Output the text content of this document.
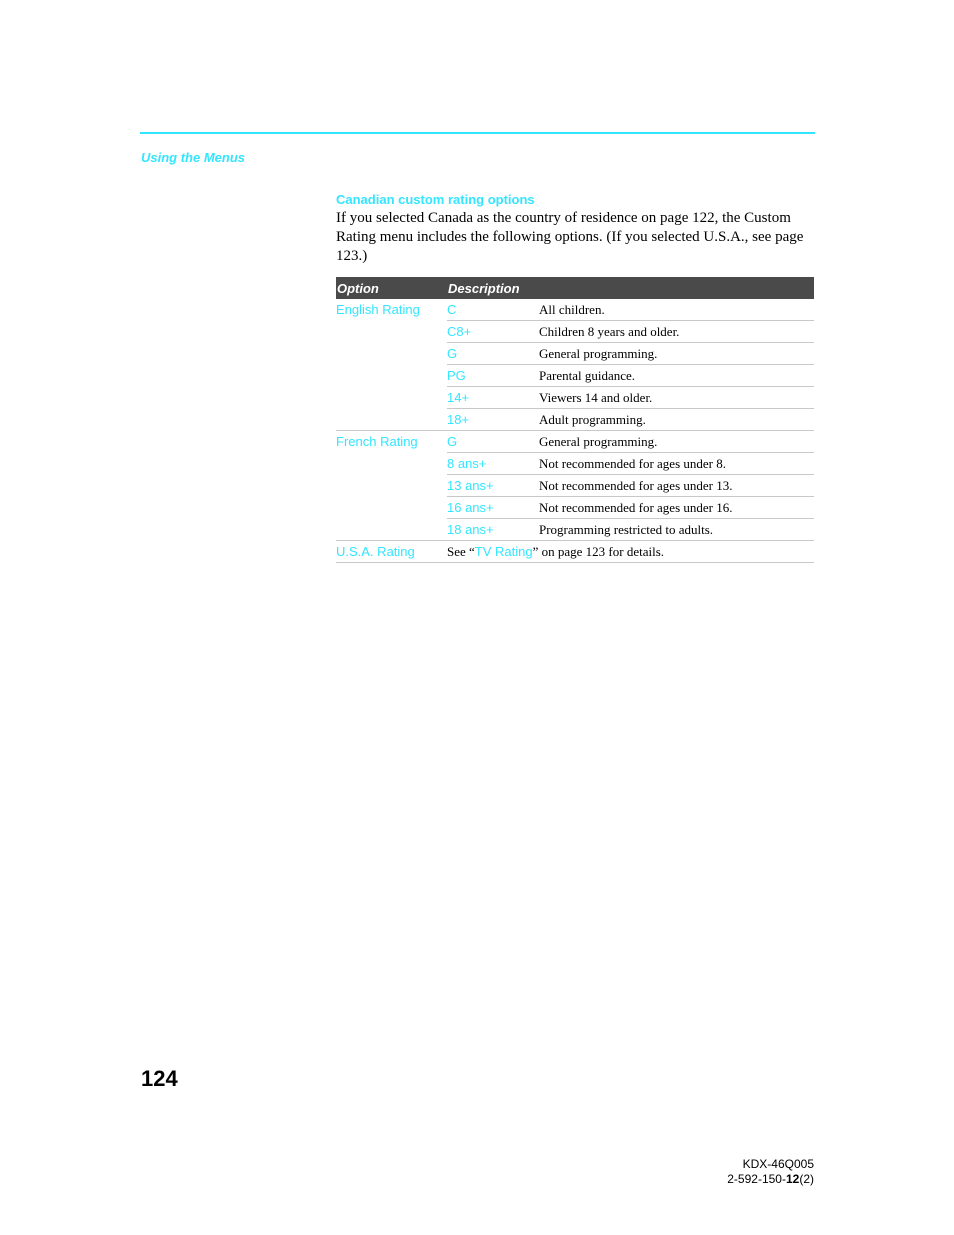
Using the Menus
Canadian custom rating options

If you selected Canada as the country of residence on page 122, the Custom Rating menu includes the following options. (If you selected U.S.A., see page 123.)

Option	Description	
English Rating	C	All children.
	C8+	Children 8 years and older.
	G	General programming.
	PG	Parental guidance.
	14+	Viewers 14 and older.
	18+	Adult programming.
French Rating	G	General programming.
	8 ans+	Not recommended for ages under 8.
	13 ans+	Not recommended for ages under 13.
	16 ans+	Not recommended for ages under 16.
	18 ans+	Programming restricted to adults.
U.S.A. Rating	See “TV Rating” on page 123 for details.	
124
KDX-46Q005
2-592-150-12(2)
